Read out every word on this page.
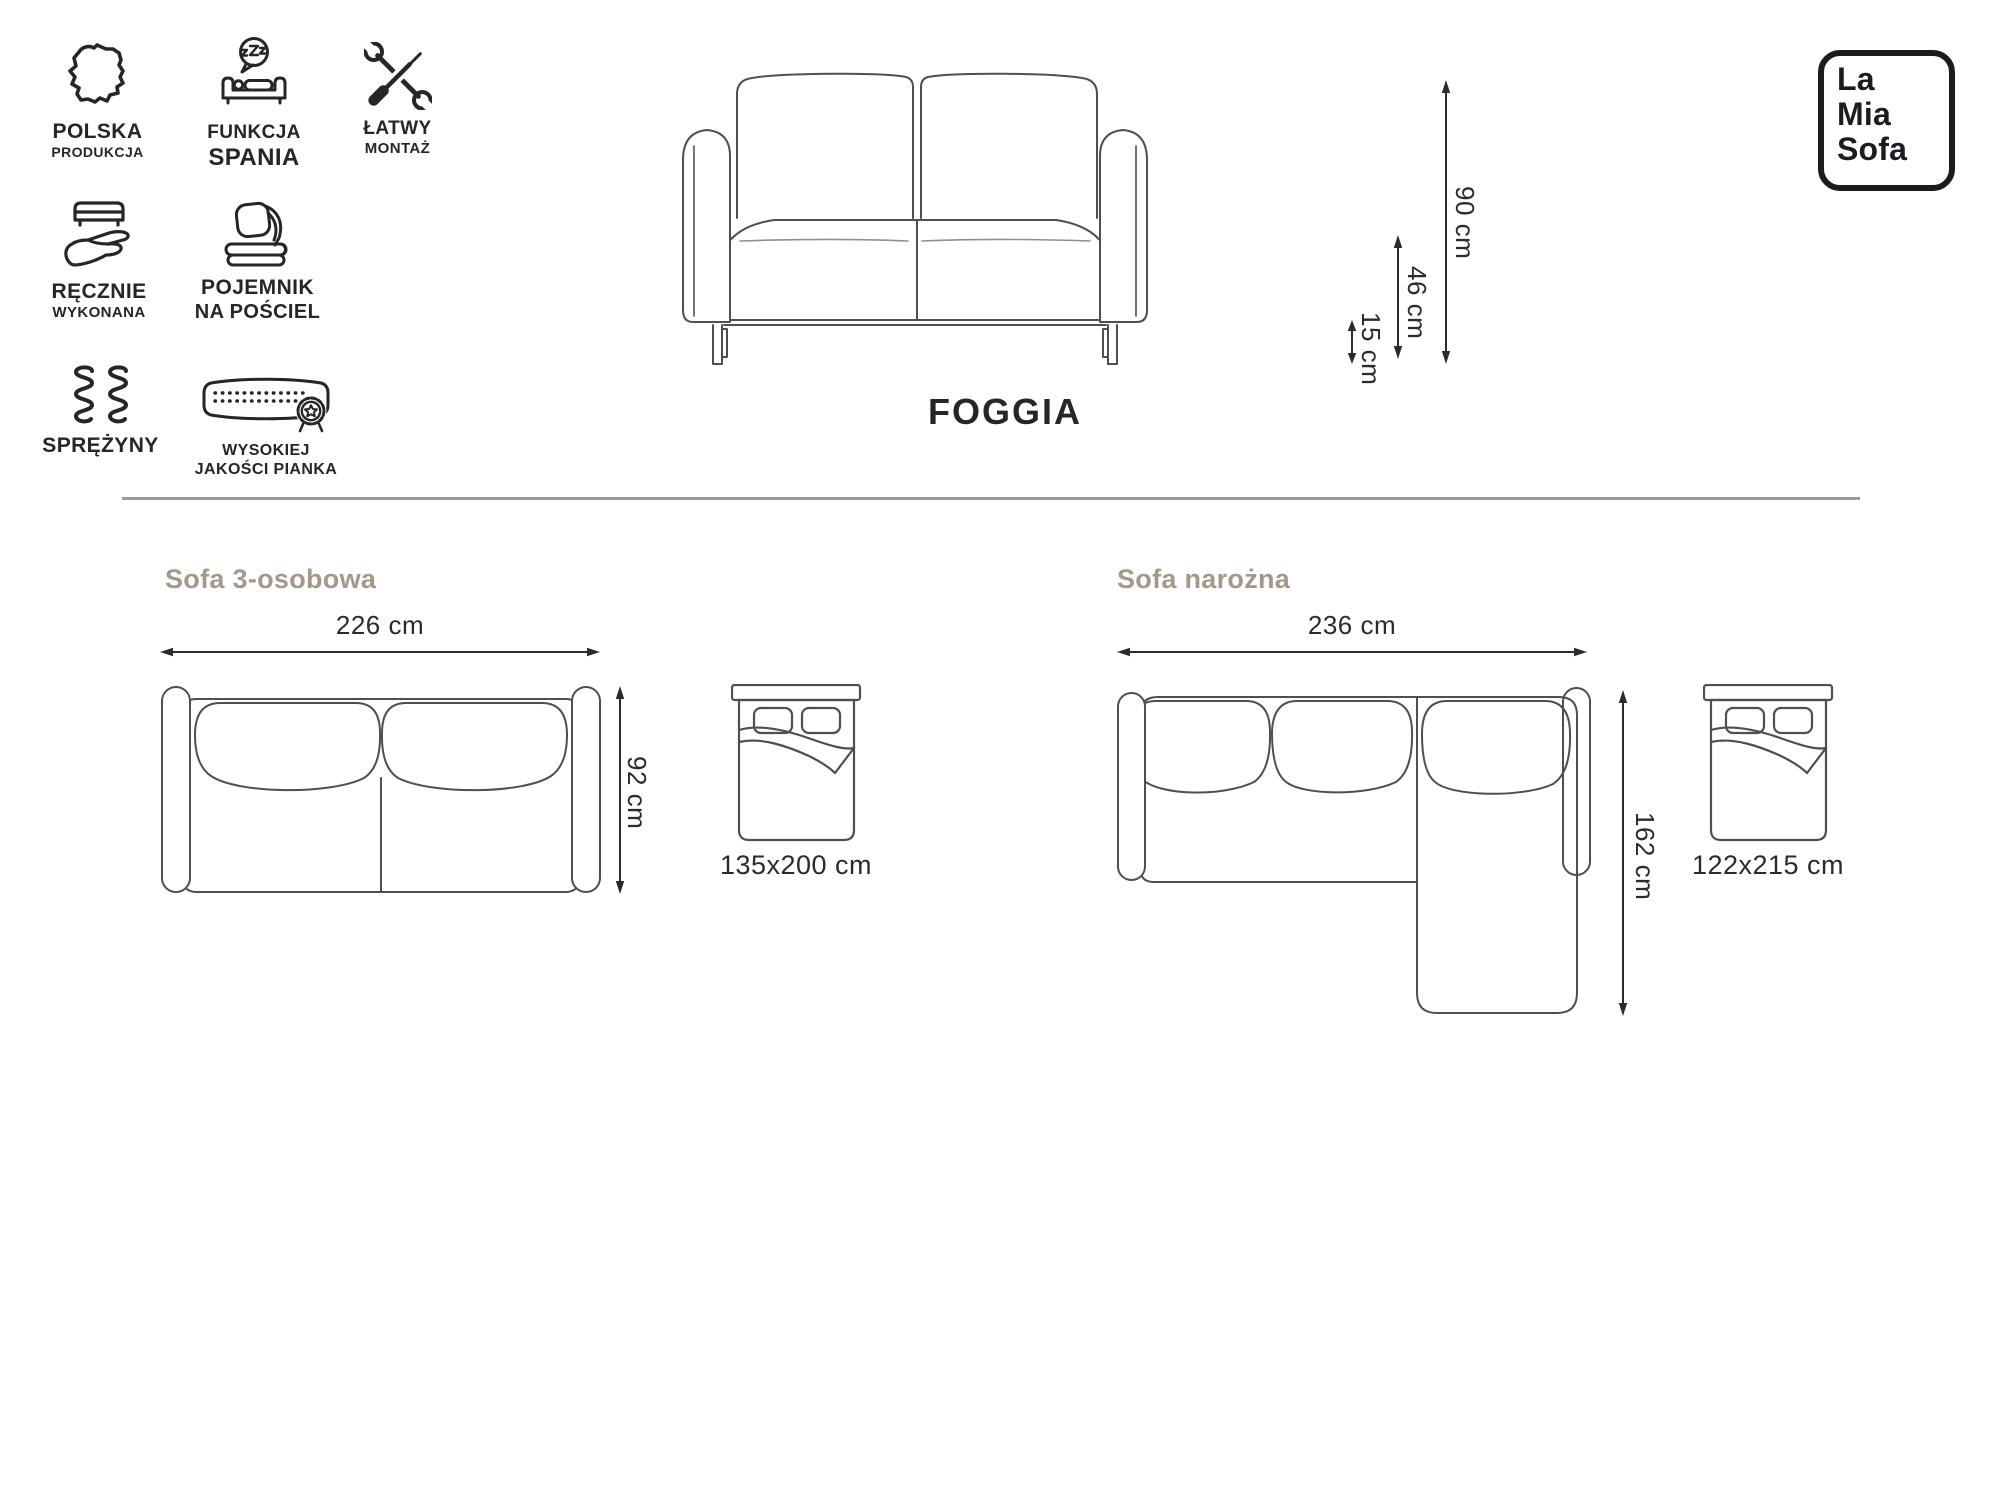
POLSKA
PRODUKCJA
FUNKCJA
SPANIA
ŁATWY
MONTAŻ
RĘCZNIE
WYKONANA
POJEMNIK
NA POŚCIEL
SPRĘŻYNY	WYSOKIEJ
JAKOŚCI PIANKA
La
Mia
Sofa
FOGGIA
90 cm
46 cm
15 cm
Sofa 3-osobowa
226 cm
92 cm
135x200 cm
Sofa narożna
236 cm
162 cm 122x215 cm
